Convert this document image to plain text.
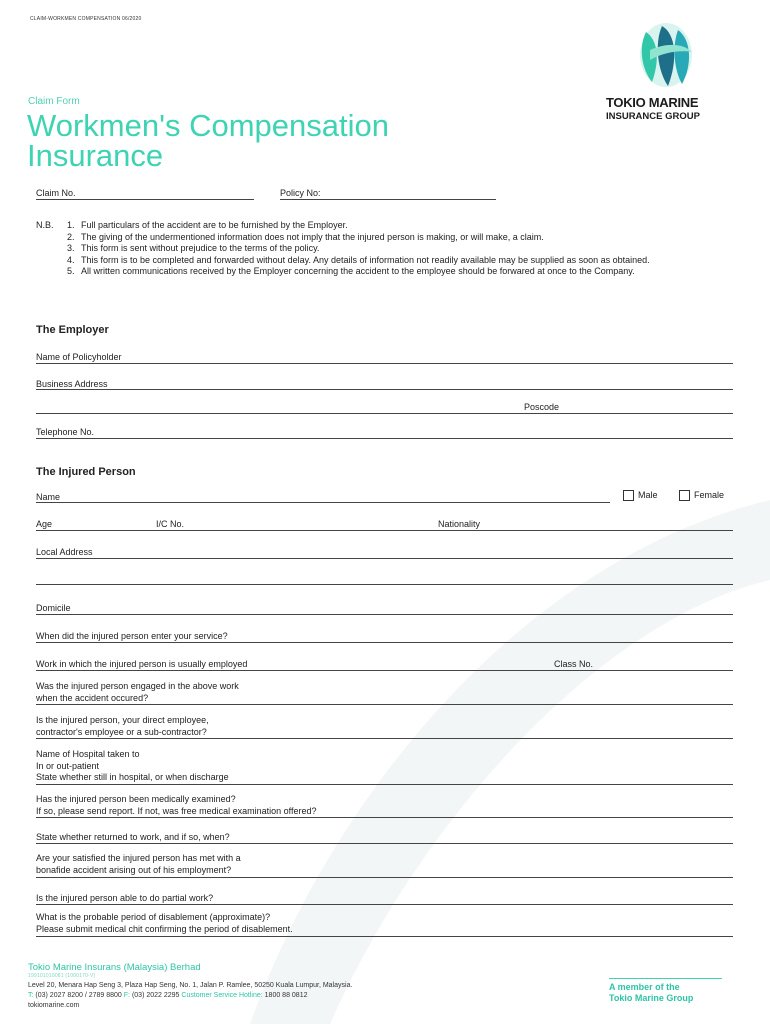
CLAIM-WORKMEN COMPENSATION 06/2020
Claim Form
Workmen's Compensation
Insurance
TOKIO MARINE
INSURANCE GROUP
Claim No.	Policy No:
N.B. 1. Full particulars of the accident are to be furnished by the Employer.
2. The giving of the undermentioned information does not imply that the injured person is making, or will make, a claim.
3. This form is sent without prejudice to the terms of the policy.
4. This form is to be completed and forwarded without delay. Any details of information not readily available may be supplied as soon as obtained.
5. All written communications received by the Employer concerning the accident to the employee should be forwared at once to the Company.
The Employer
Name of Policyholder
Business Address
Poscode
Telephone No.
The Injured Person
Name	Male	Female
Age	I/C No.	Nationality
Local Address
Domicile
When did the injured person enter your service?
Work in which the injured person is usually employed	Class No.
Was the injured person engaged in the above work
when the accident occured?
Is the injured person, your direct employee,
contractor's employee or a sub-contractor?
Name of Hospital taken to
In or out-patient
State whether still in hospital, or when discharge
Has the injured person been medically examined?
If so, please send report. If not, was free medical examination offered?
State whether returned to work, and if so, when?
Are your satisfied the injured person has met with a
bonafide accident arising out of his employment?
Is the injured person able to do partial work?
What is the probable period of disablement (approximate)?
Please submit medical chit confirming the period of disablement.
Tokio Marine Insurans (Malaysia) Berhad
199101010081 (1000170-V)
Level 20, Menara Hap Seng 3, Plaza Hap Seng, No. 1, Jalan P. Ramlee, 50250 Kuala Lumpur, Malaysia.
T: (03) 2027 8200 / 2789 8800 F: (03) 2022 2295 Customer Service Hotline: 1800 88 0812
tokiomarine.com
A member of the
Tokio Marine Group
